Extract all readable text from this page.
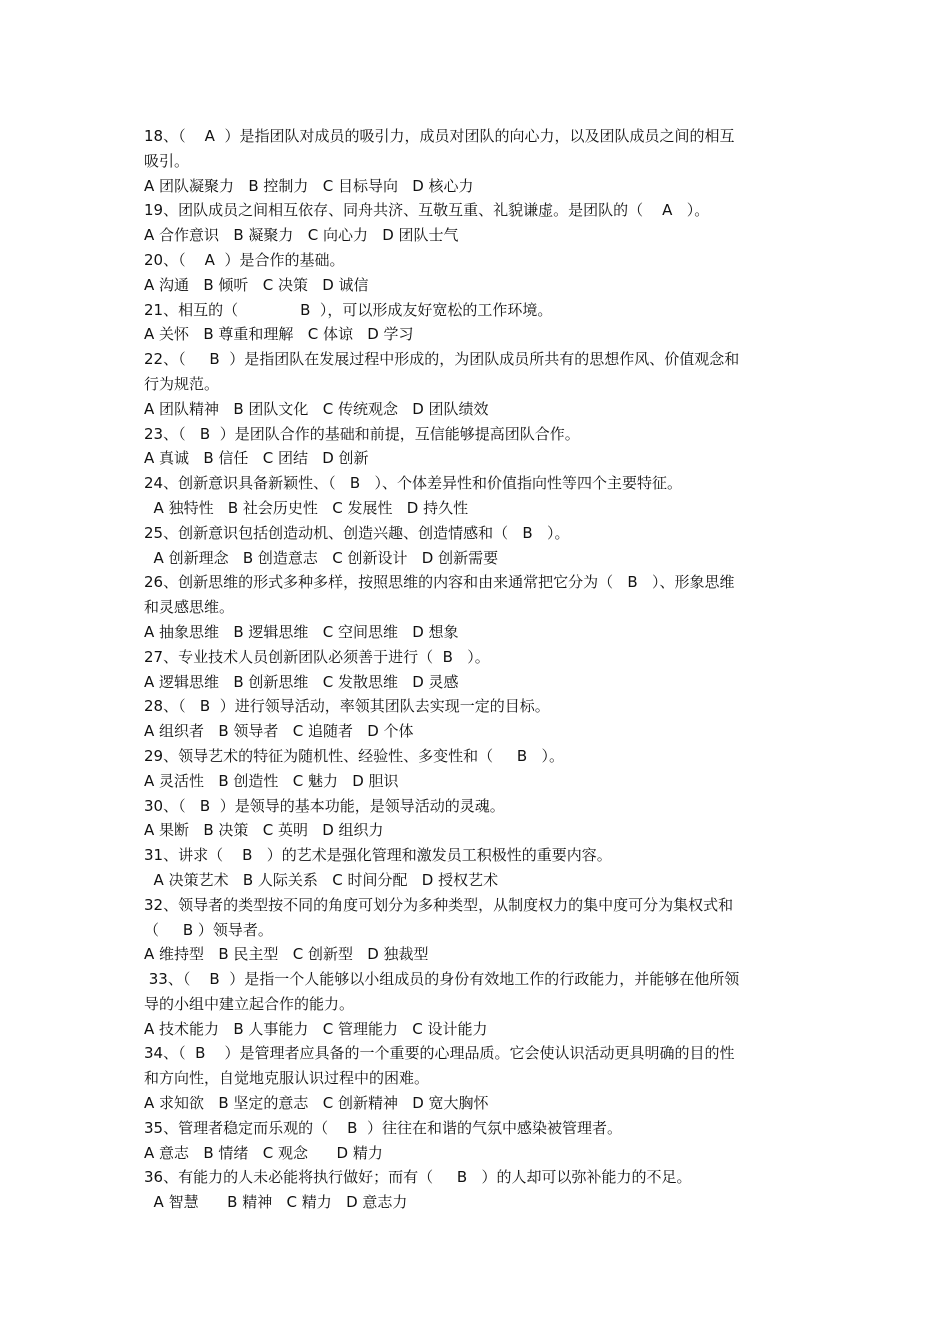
18、（    A  ）是指团队对成员的吸引力，成员对团队的向心力，以及团队成员之间的相互

吸引。

A 团队凝聚力   B 控制力   C 目标导向   D 核心力

19、团队成员之间相互依存、同舟共济、互敬互重、礼貌谦虚。是团队的（    A   ）。

A 合作意识   B 凝聚力   C 向心力   D 团队士气

20、（    A  ）是合作的基础。

A 沟通   B 倾听   C 决策   D 诚信

21、相互的（             B  ），可以形成友好宽松的工作环境。

A 关怀   B 尊重和理解   C 体谅   D 学习

22、（     B  ）是指团队在发展过程中形成的，为团队成员所共有的思想作风、价值观念和

行为规范。

A 团队精神   B 团队文化   C 传统观念   D 团队绩效

23、（   B  ）是团队合作的基础和前提，互信能够提高团队合作。

A 真诚   B 信任   C 团结   D 创新

24、创新意识具备新颖性、（   B   ）、个体差异性和价值指向性等四个主要特征。

A 独特性   B 社会历史性   C 发展性   D 持久性

25、创新意识包括创造动机、创造兴趣、创造情感和（   B   ）。

A 创新理念   B 创造意志   C 创新设计   D 创新需要

26、创新思维的形式多种多样，按照思维的内容和由来通常把它分为（   B   ）、形象思维

和灵感思维。

A 抽象思维   B 逻辑思维   C 空间思维   D 想象

27、专业技术人员创新团队必须善于进行（  B   ）。

A 逻辑思维   B 创新思维   C 发散思维   D 灵感

28、（   B  ）进行领导活动，率领其团队去实现一定的目标。

A 组织者   B 领导者   C 追随者   D 个体

29、领导艺术的特征为随机性、经验性、多变性和（     B   ）。

A 灵活性   B 创造性   C 魅力   D 胆识

30、（   B  ）是领导的基本功能，是领导活动的灵魂。

A 果断   B 决策   C 英明   D 组织力

31、讲求（    B   ）的艺术是强化管理和激发员工积极性的重要内容。

A 决策艺术   B 人际关系   C 时间分配   D 授权艺术

32、领导者的类型按不同的角度可划分为多种类型，从制度权力的集中度可分为集权式和

（     B ）领导者。

A 维持型   B 民主型   C 创新型   D 独裁型

33、（    B  ）是指一个人能够以小组成员的身份有效地工作的行政能力，并能够在他所领

导的小组中建立起合作的能力。

A 技术能力   B 人事能力   C 管理能力   C 设计能力

34、（  B    ）是管理者应具备的一个重要的心理品质。它会使认识活动更具明确的目的性

和方向性，自觉地克服认识过程中的困难。

A 求知欲   B 坚定的意志   C 创新精神   D 宽大胸怀

35、管理者稳定而乐观的（    B  ）往往在和谐的气氛中感染被管理者。

A 意志   B 情绪   C 观念      D 精力

36、有能力的人未必能将执行做好；而有（     B   ）的人却可以弥补能力的不足。

A 智慧      B 精神   C 精力   D 意志力
